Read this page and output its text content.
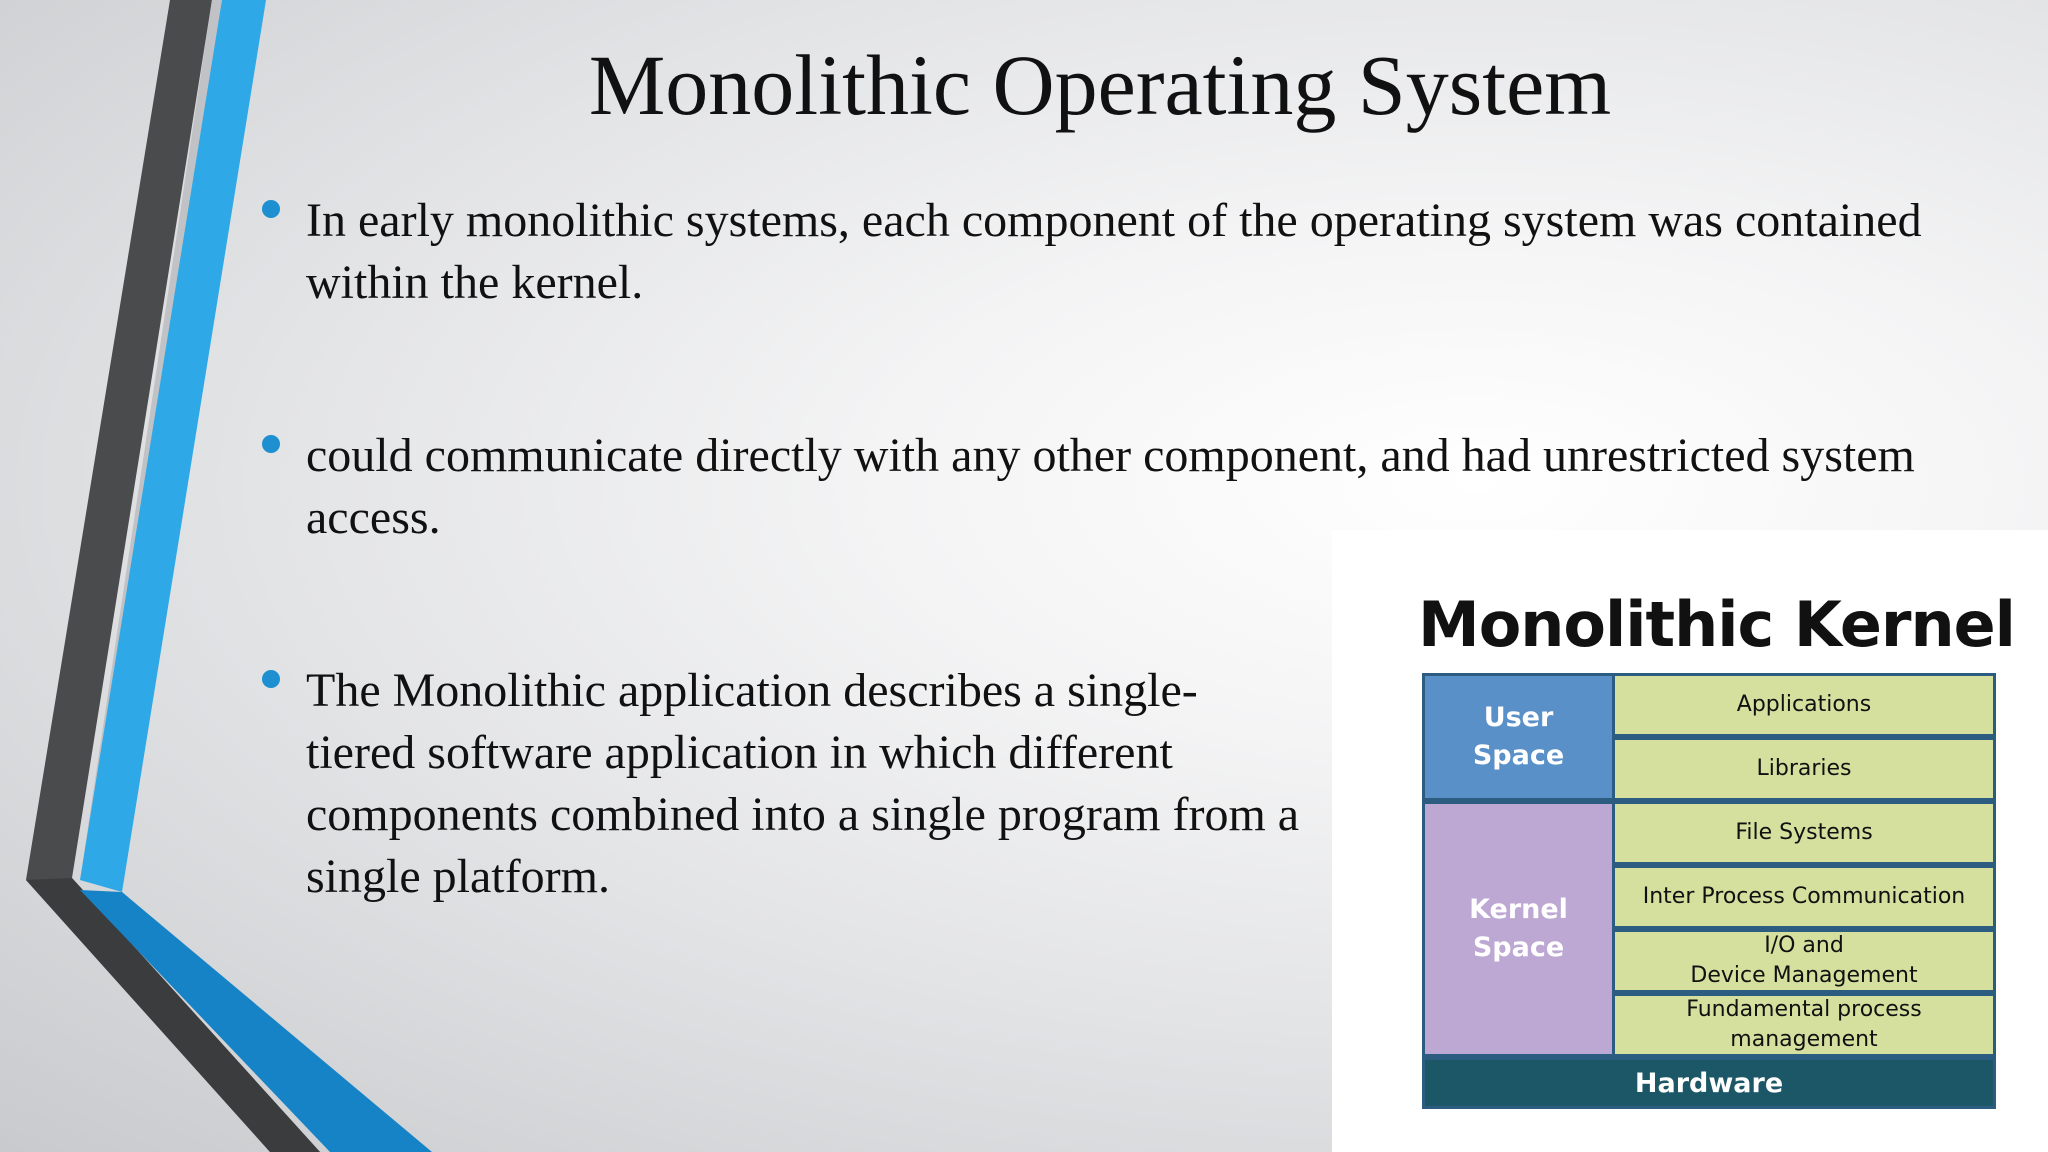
Monolithic Operating System
In early monolithic systems, each component of the operating system was contained within the kernel.
could communicate directly with any other component, and had unrestricted system access.
The Monolithic application describes a single-tiered software application in which different components combined into a single program from a single platform.
Monolithic Kernel
User
Space
Kernel
Space
Applications
Libraries
File Systems
Inter Process Communication
I/O and
Device Management
Fundamental process
management
Hardware
